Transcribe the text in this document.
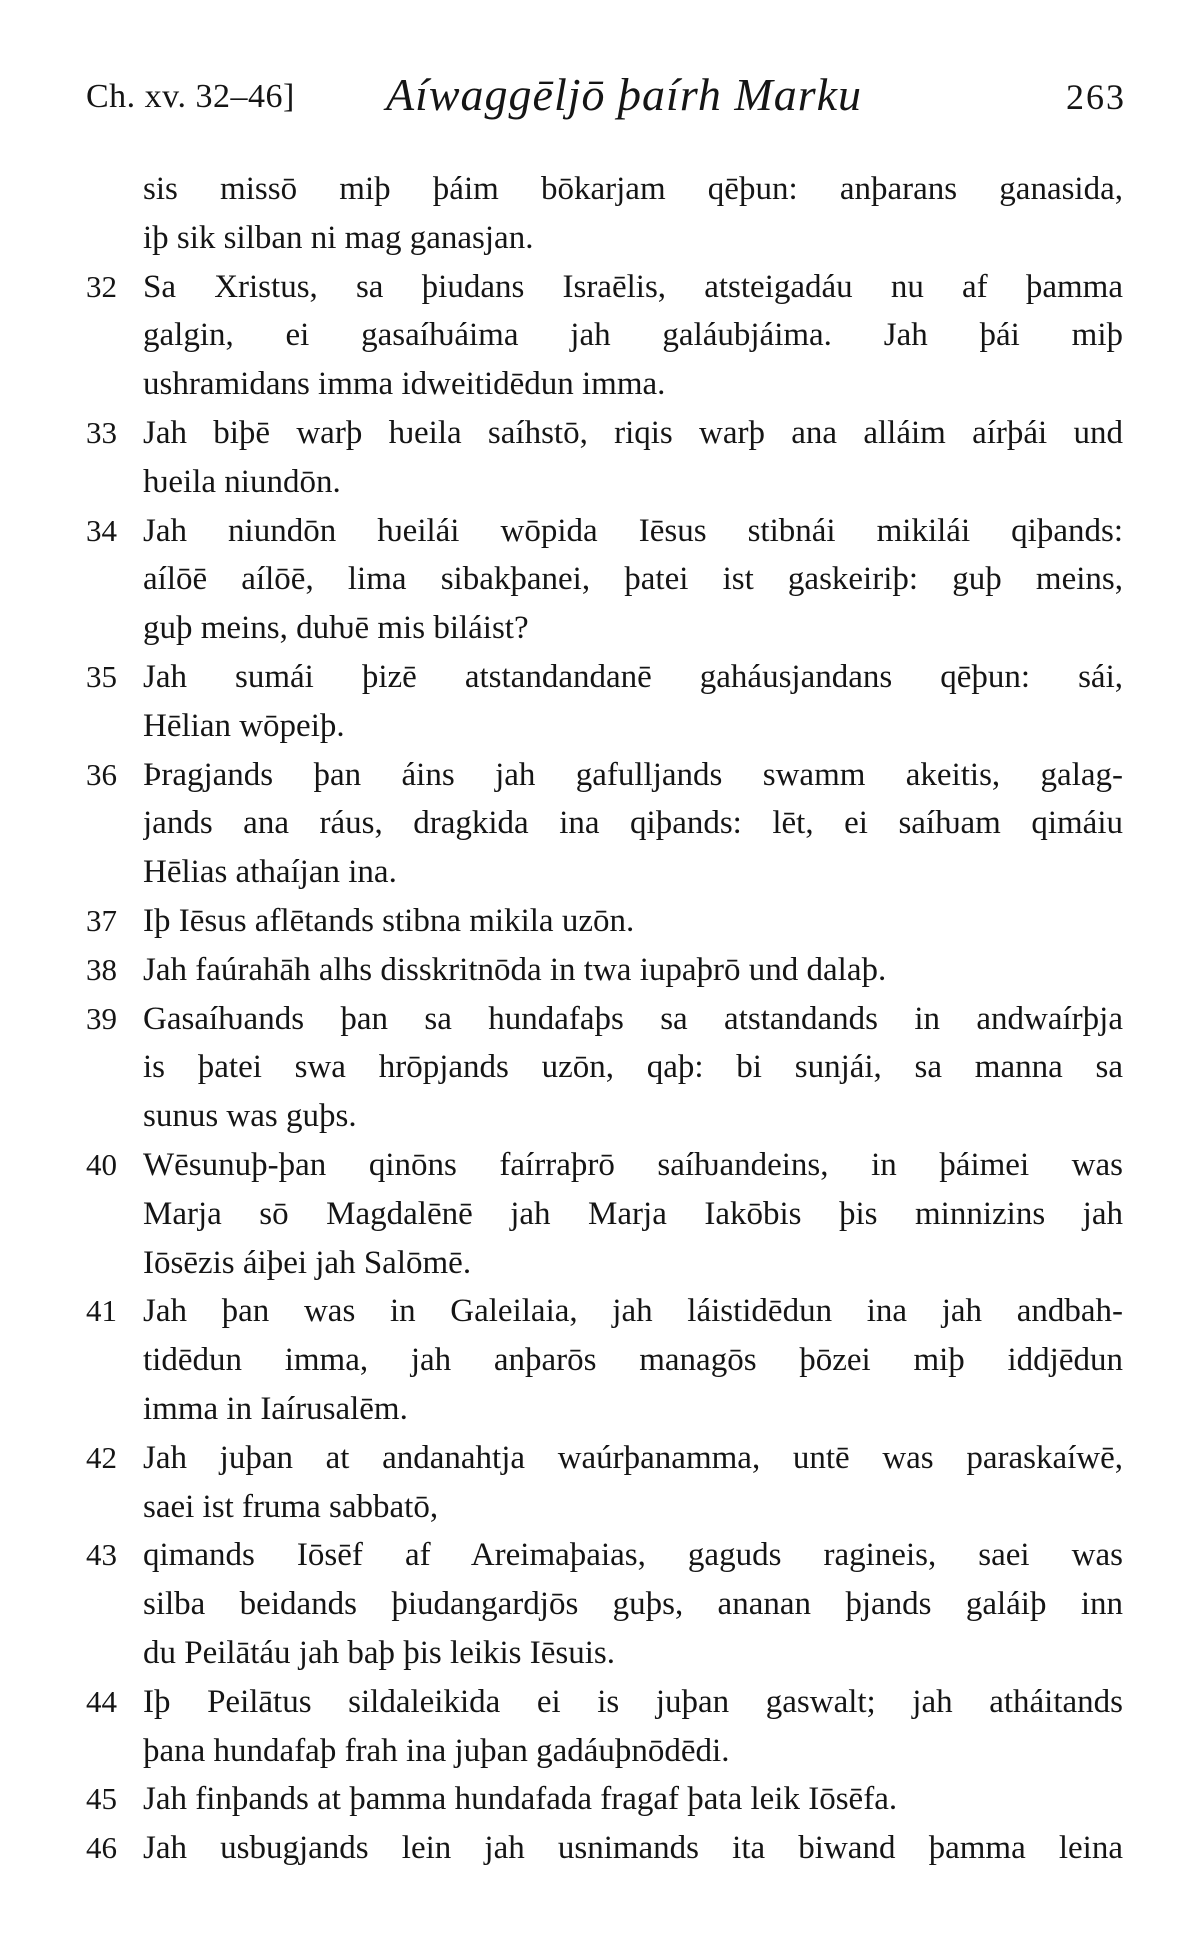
Ch. xv. 32–46] Aíwaggēljō þaírh Marku	263
sis missō miþ þáim bōkarjam qēþun: anþarans ganasida,
iþ sik silban ni mag ganasjan.
32 Sa Xristus, sa þiudans Israēlis, atsteigadáu nu af þamma
galgin, ei gasaíƕáima jah galáubjáima. Jah þái miþ
ushramidans imma idweitidēdun imma.
33 Jah biþē warþ ƕeila saíhstō, riqis warþ ana alláim aírþái und
ƕeila niundōn.
34 Jah niundōn ƕeilái wōpida Iēsus stibnái mikilái qiþands:
aílōē aílōē, lima sibakþanei, þatei ist gaskeiriþ: guþ meins,
guþ meins, duƕē mis biláist?
35 Jah sumái þizē atstandandanē gaháusjandans qēþun: sái,
Hēlian wōpeiþ.
36 Þragjands þan áins jah gafulljands swamm akeitis, galag-
jands ana ráus, dragkida ina qiþands: lēt, ei saíƕam qimáiu
Hēlias athaíjan ina.
37 Iþ Iēsus aflētands stibna mikila uzōn.
38 Jah faúrahāh alhs disskritnōda in twa iupaþrō und dalaþ.
39 Gasaíƕands þan sa hundafaþs sa atstandands in andwaírþja
is þatei swa hrōpjands uzōn, qaþ: bi sunjái, sa manna sa
sunus was guþs.
40 Wēsunuþ-þan qinōns faírraþrō saíƕandeins, in þáimei was
Marja sō Magdalēnē jah Marja Iakōbis þis minnizins jah
Iōsēzis áiþei jah Salōmē.
41 Jah þan was in Galeilaia, jah láistidēdun ina jah andbah-
tidēdun imma, jah anþarōs managōs þōzei miþ iddjēdun
imma in Iaírusalēm.
42 Jah juþan at andanahtja waúrþanamma, untē was paraskaíwē,
saei ist fruma sabbatō,
43 qimands Iōsēf af Areimaþaias, gaguds ragineis, saei was
silba beidands þiudangardjōs guþs, ananan þjands galáiþ inn
du Peilātáu jah baþ þis leikis Iēsuis.
44 Iþ Peilātus sildaleikida ei is juþan gaswalt; jah atháitands
þana hundafaþ frah ina juþan gadáuþnōdēdi.
45 Jah finþands at þamma hundafada fragaf þata leik Iōsēfa.
46 Jah usbugjands lein jah usnimands ita biwand þamma leina
